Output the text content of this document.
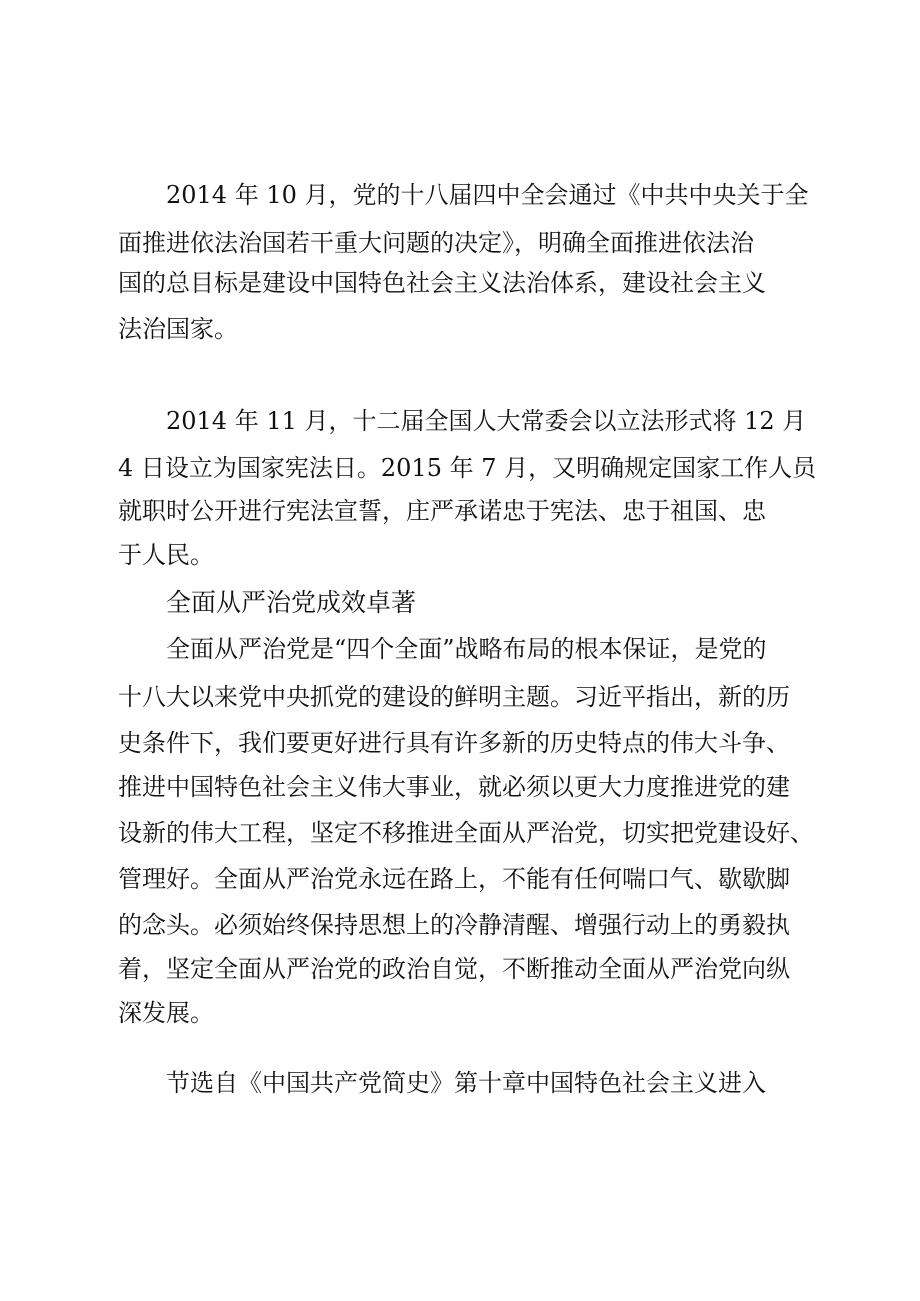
2014 年 10 月，党的十八届四中全会通过《中共中央关于全
面推进依法治国若干重大问题的决定》，明确全面推进依法治
国的总目标是建设中国特色社会主义法治体系，建设社会主义
法治国家。
2014 年 11 月，十二届全国人大常委会以立法形式将 12 月
4 日设立为国家宪法日。2015 年 7 月，又明确规定国家工作人员
就职时公开进行宪法宣誓，庄严承诺忠于宪法、忠于祖国、忠
于人民。
全面从严治党成效卓著
全面从严治党是“四个全面”战略布局的根本保证，是党的
十八大以来党中央抓党的建设的鲜明主题。习近平指出，新的历
史条件下，我们要更好进行具有许多新的历史特点的伟大斗争、
推进中国特色社会主义伟大事业，就必须以更大力度推进党的建
设新的伟大工程，坚定不移推进全面从严治党，切实把党建设好、
管理好。全面从严治党永远在路上，不能有任何喘口气、歇歇脚
的念头。必须始终保持思想上的冷静清醒、增强行动上的勇毅执
着，坚定全面从严治党的政治自觉，不断推动全面从严治党向纵
深发展。
节选自《中国共产党简史》第十章中国特色社会主义进入
